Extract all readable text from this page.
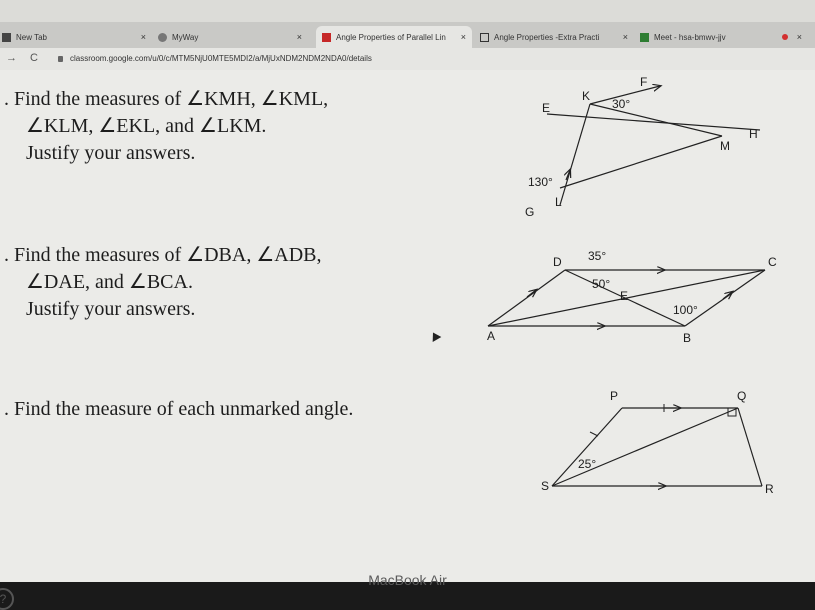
New Tab	×	MyWay	×	Angle Properties of Parallel Lin ×	Angle Properties -Extra Practi	×	Meet - hsa-bmwv-jjv	×
→ C	classroom.google.com/u/0/c/MTM5NjU0MTE5MDI2/a/MjUxNDM2NDM2NDA0/details
. Find the measures of ∠KMH, ∠KML,
∠KLM, ∠EKL, and ∠LKM.
Justify your answers.
. Find the measures of ∠DBA, ∠ADB,
∠DAE, and ∠BCA.
Justify your answers.
. Find the measure of each unmarked angle.
F
E
K
H
M
G
L
30°
130°
D	C
E
A	B
35°
50°
100°
P	Q
S	R
25°
?
MacBook Air
